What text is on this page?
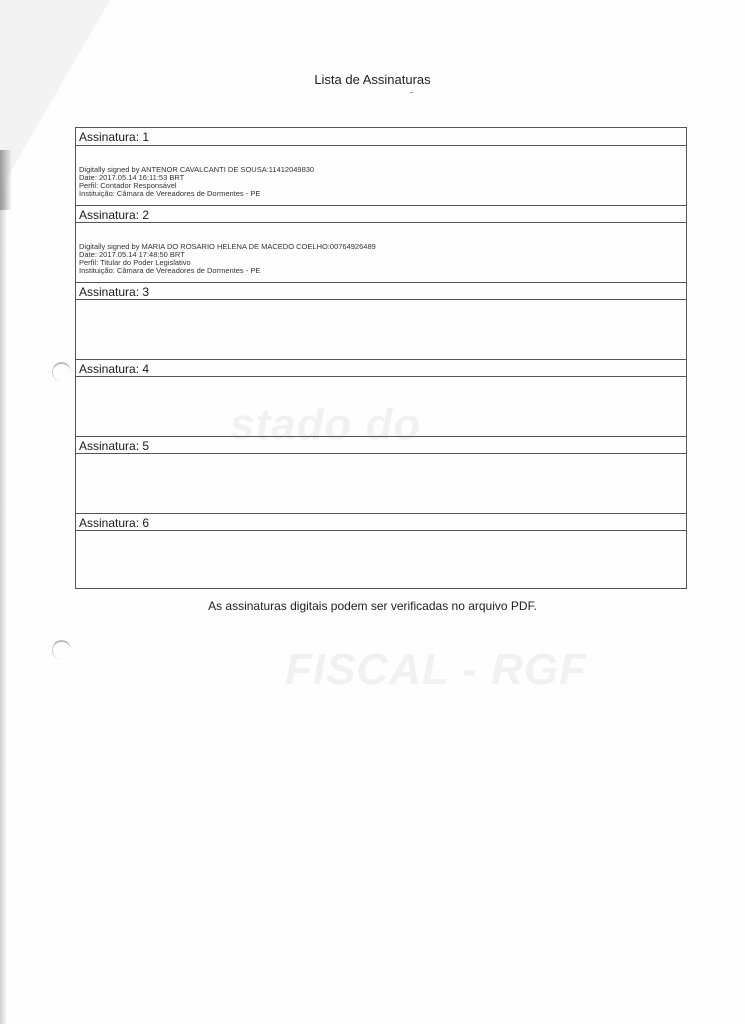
stado do
FISCAL - RGF
Lista de Assinaturas
Assinatura: 1
Digitally signed by ANTENOR CAVALCANTI DE SOUSA:11412049830
Date: 2017.05.14 16:11:53 BRT
Perfil: Contador Responsável
Instituição: Câmara de Vereadores de Dormentes - PE
Assinatura: 2
Digitally signed by MARIA DO ROSARIO HELENA DE MACEDO COELHO:00764926489
Date: 2017.05.14 17:48:50 BRT
Perfil: Titular do Poder Legislativo
Instituição: Câmara de Vereadores de Dormentes - PE
Assinatura: 3
Assinatura: 4
Assinatura: 5
Assinatura: 6
As assinaturas digitais podem ser verificadas no arquivo PDF.
